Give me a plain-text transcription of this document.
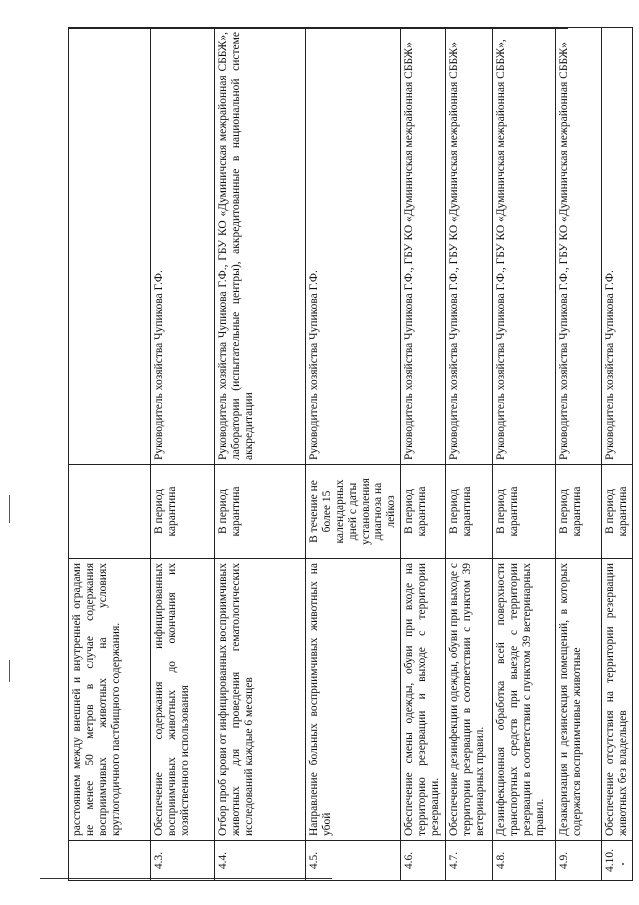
	расстоянием между внешней и внутренней оградами не менее 50 метров в случае содержания восприимчивых животных на условиях круглогодичного пастбищного содержания.		
4.3.	Обеспечение содержания инфицированных восприимчивых животных до окончания их хозяйственного использования	В период карантина	Руководитель хозяйства Чупикова Г.Ф.
4.4.	Отбор проб крови от инфицированных восприимчивых животных для проведения гематологических исследований каждые 6 месяцев	В период карантина	Руководитель хозяйства Чупикова Г.Ф., ГБУ КО «Думиничская межрайонная СББЖ», лаборатории (испытательные центры), аккредитованные в национальной системе аккредитации
4.5.	Направление больных восприимчивых животных на убой	В течение не более 15 календарных дней с даты установления диагноза на лейкоз	Руководитель хозяйства Чупикова Г.Ф.
4.6.	Обеспечение смены одежды, обуви при входе на территорию резервации и выходе с территории резервации.	В период карантина	Руководитель хозяйства Чупикова Г.Ф., ГБУ КО «Думиничская межрайонная СББЖ»
4.7.	Обеспечение дезинфекции одежды, обуви при выходе с территории резервации в соответствии с пунктом 39 ветеринарных правил.	В период карантина	Руководитель хозяйства Чупикова Г.Ф., ГБУ КО «Думиничская межрайонная СББЖ»
4.8.	Дезинфекционная обработка всей поверхности транспортных средств при выезде с территории резервации в соответствии с пунктом 39 ветеринарных правил.	В период карантина	Руководитель хозяйства Чупикова Г.Ф., ГБУ КО «Думиничская межрайонная СББЖ»,
4.9.	Дезакаризация и дезинсекция помещений, в которых содержатся восприимчивые животные	В период карантина	Руководитель хозяйства Чупикова Г.Ф., ГБУ КО «Думиничская межрайонная СББЖ»
4.10.	Обеспечение отсутствия на территории резервации животных без владельцев	В период карантина	Руководитель хозяйства Чупикова Г.Ф.
